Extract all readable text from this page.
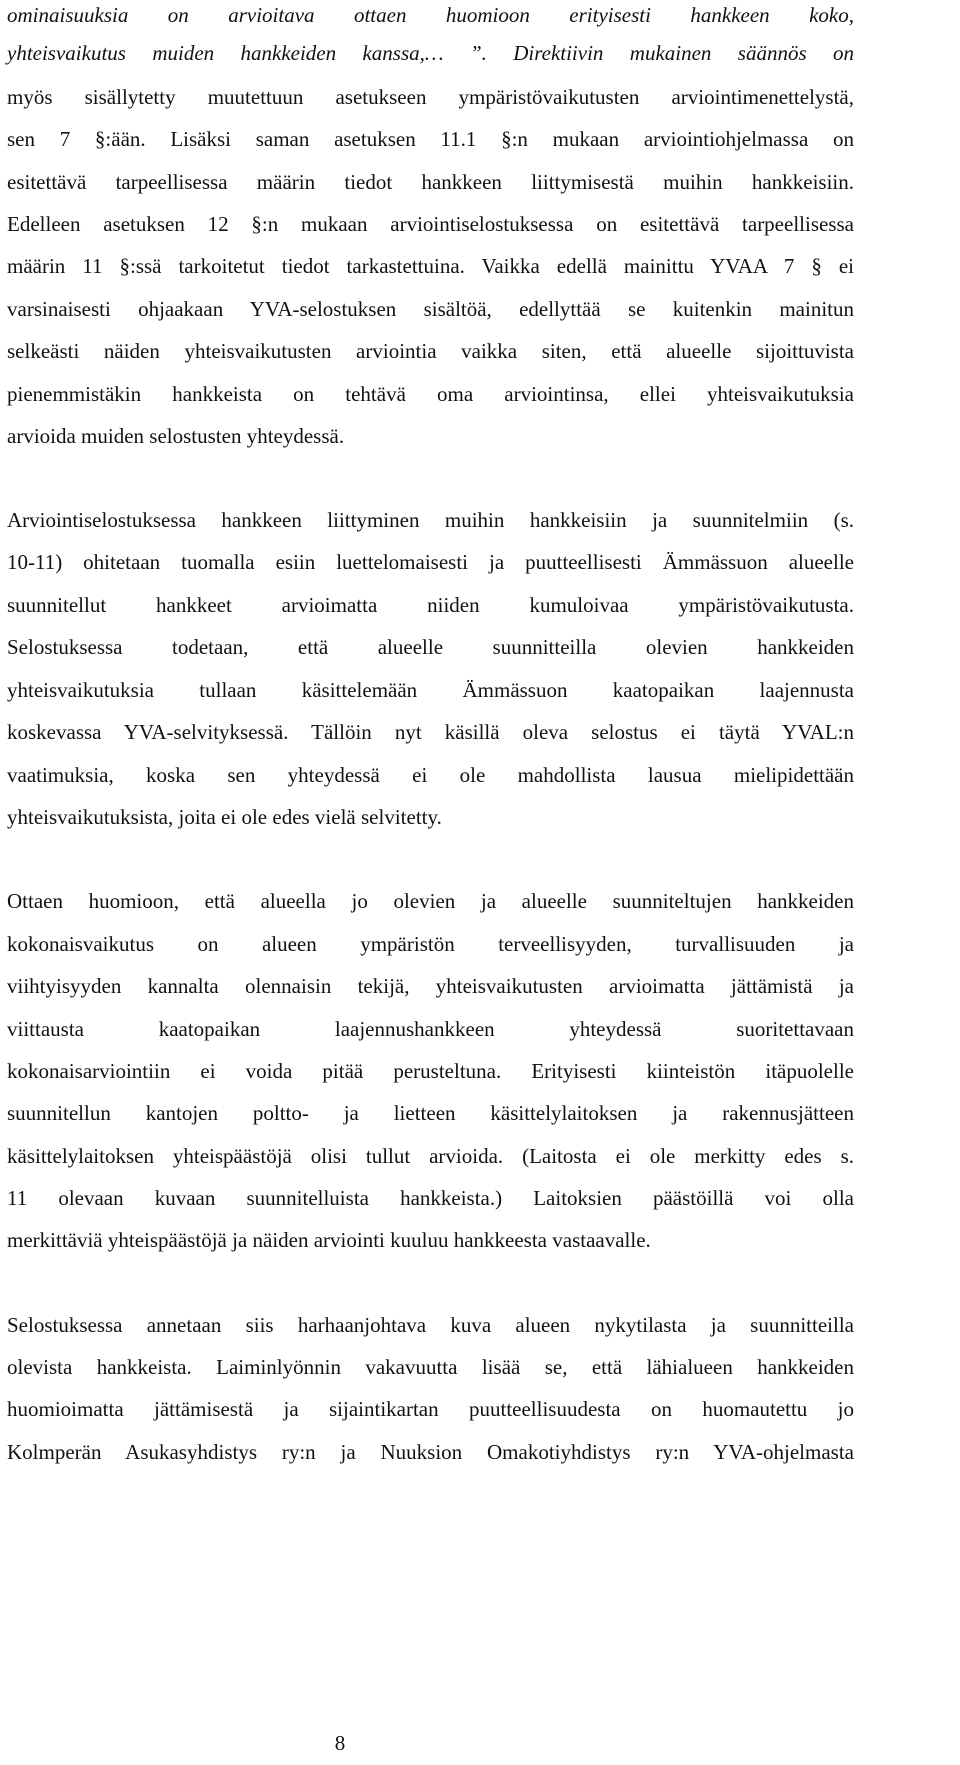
ominaisuuksia on arvioitava ottaen huomioon erityisesti hankkeen koko,
yhteisvaikutus muiden hankkeiden kanssa,… ”. Direktiivin mukainen säännös on
myös sisällytetty muutettuun asetukseen ympäristövaikutusten arviointimenettelystä,
sen 7 §:ään. Lisäksi saman asetuksen 11.1 §:n mukaan arviointiohjelmassa on
esitettävä tarpeellisessa määrin tiedot hankkeen liittymisestä muihin hankkeisiin.
Edelleen asetuksen 12 §:n mukaan arviointiselostuksessa on esitettävä tarpeellisessa
määrin 11 §:ssä tarkoitetut tiedot tarkastettuina. Vaikka edellä mainittu YVAA 7 § ei
varsinaisesti ohjaakaan YVA-selostuksen sisältöä, edellyttää se kuitenkin mainitun
selkeästi näiden yhteisvaikutusten arviointia vaikka siten, että alueelle sijoittuvista
pienemmistäkin hankkeista on tehtävä oma arviointinsa, ellei yhteisvaikutuksia
arvioida muiden selostusten yhteydessä.
Arviointiselostuksessa hankkeen liittyminen muihin hankkeisiin ja suunnitelmiin (s.
10-11) ohitetaan tuomalla esiin luettelomaisesti ja puutteellisesti Ämmässuon alueelle
suunnitellut hankkeet arvioimatta niiden kumuloivaa ympäristövaikutusta.
Selostuksessa todetaan, että alueelle suunnitteilla olevien hankkeiden
yhteisvaikutuksia tullaan käsittelemään Ämmässuon kaatopaikan laajennusta
koskevassa YVA-selvityksessä. Tällöin nyt käsillä oleva selostus ei täytä YVAL:n
vaatimuksia, koska sen yhteydessä ei ole mahdollista lausua mielipidettään
yhteisvaikutuksista, joita ei ole edes vielä selvitetty.
Ottaen huomioon, että alueella jo olevien ja alueelle suunniteltujen hankkeiden
kokonaisvaikutus on alueen ympäristön terveellisyyden, turvallisuuden ja
viihtyisyyden kannalta olennaisin tekijä, yhteisvaikutusten arvioimatta jättämistä ja
viittausta kaatopaikan laajennushankkeen yhteydessä suoritettavaan
kokonaisarviointiin ei voida pitää perusteltuna. Erityisesti kiinteistön itäpuolelle
suunnitellun kantojen poltto- ja lietteen käsittelylaitoksen ja rakennusjätteen
käsittelylaitoksen yhteispäästöjä olisi tullut arvioida. (Laitosta ei ole merkitty edes s.
11 olevaan kuvaan suunnitelluista hankkeista.) Laitoksien päästöillä voi olla
merkittäviä yhteispäästöjä ja näiden arviointi kuuluu hankkeesta vastaavalle.
Selostuksessa annetaan siis harhaanjohtava kuva alueen nykytilasta ja suunnitteilla
olevista hankkeista. Laiminlyönnin vakavuutta lisää se, että lähialueen hankkeiden
huomioimatta jättämisestä ja sijaintikartan puutteellisuudesta on huomautettu jo
Kolmperän Asukasyhdistys ry:n ja Nuuksion Omakotiyhdistys ry:n YVA-ohjelmasta
8
